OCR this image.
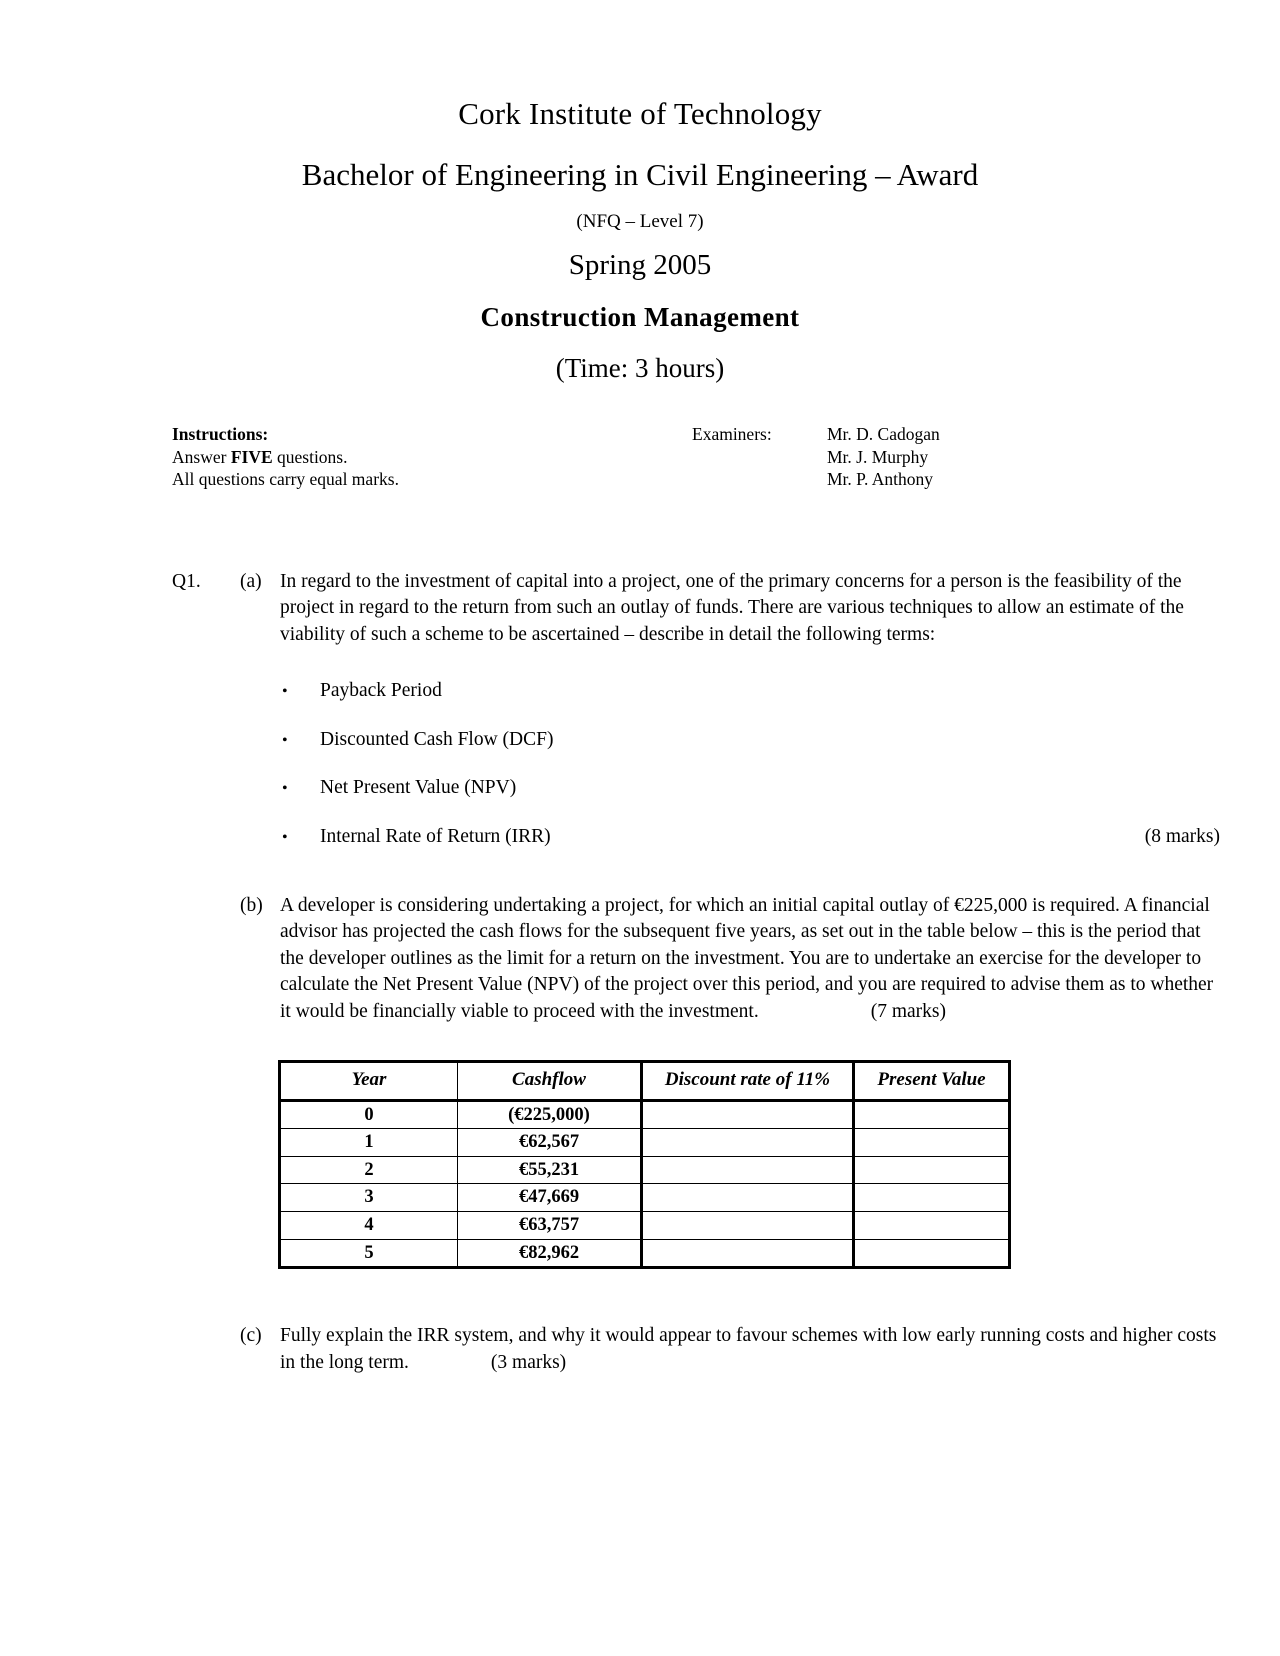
Cork Institute of Technology
Bachelor of Engineering in Civil Engineering – Award
(NFQ – Level 7)
Spring 2005
Construction Management
(Time: 3 hours)
Instructions:
Answer FIVE questions.
All questions carry equal marks.
Examiners:	Mr. D. Cadogan
Mr. J. Murphy
Mr. P. Anthony
Q1.	(a) In regard to the investment of capital into a project, one of the primary concerns for a person is the feasibility of the project in regard to the return from such an outlay of funds. There are various techniques to allow an estimate of the viability of such a scheme to be ascertained – describe in detail the following terms:
•	Payback Period
•	Discounted Cash Flow (DCF)
•	Net Present Value (NPV)
•	Internal Rate of Return (IRR)	(8 marks)
(b) A developer is considering undertaking a project, for which an initial capital outlay of €225,000 is required. A financial advisor has projected the cash flows for the subsequent five years, as set out in the table below – this is the period that the developer outlines as the limit for a return on the investment. You are to undertake an exercise for the developer to calculate the Net Present Value (NPV) of the project over this period, and you are required to advise them as to whether it would be financially viable to proceed with the investment.	(7 marks)
Year	Cashflow	Discount rate of 11%	Present Value
0	(€225,000)		
1	€62,567		
2	€55,231		
3	€47,669		
4	€63,757		
5	€82,962		
(c) Fully explain the IRR system, and why it would appear to favour schemes with low early running costs and higher costs in the long term.	(3 marks)
